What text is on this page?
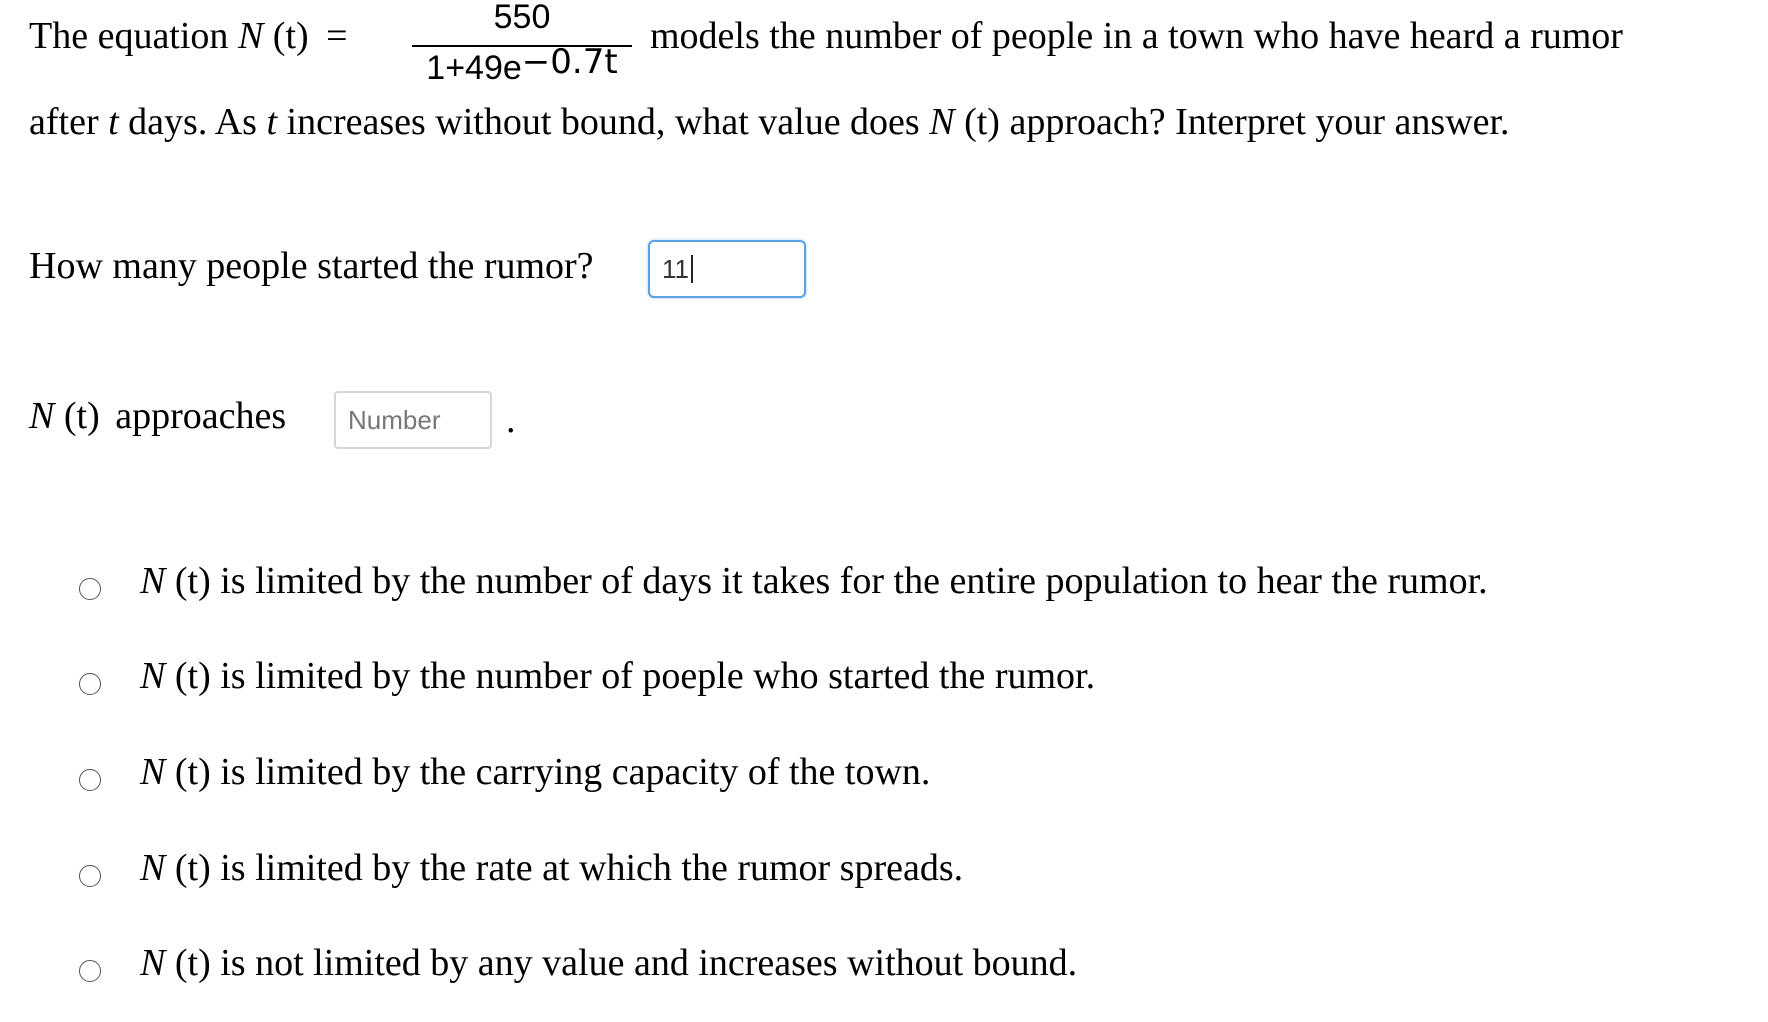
The equation N (t) =	550
1+49e−0.7t
models the number of people in a town who have heard a rumor
after t days. As t increases without bound, what value does N (t) approach? Interpret your answer.
How many people started the rumor?	11
N (t) approaches Number .
N (t) is limited by the number of days it takes for the entire population to hear the rumor.
N (t) is limited by the number of poeple who started the rumor.
N (t) is limited by the carrying capacity of the town.
N (t) is limited by the rate at which the rumor spreads.
N (t) is not limited by any value and increases without bound.
